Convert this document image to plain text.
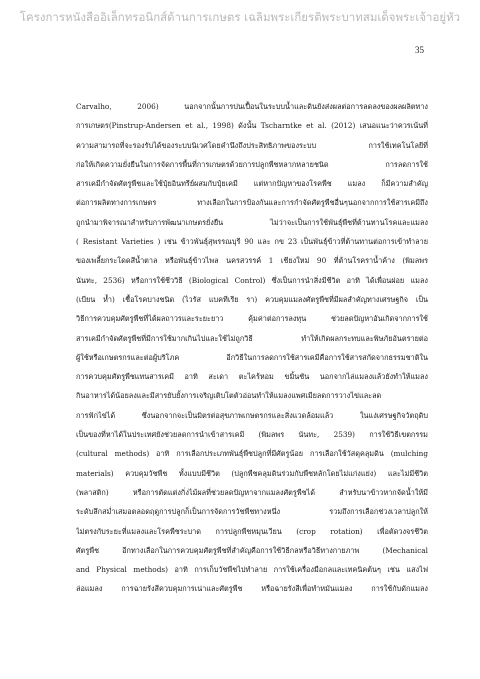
โครงการหนังสืออิเล็กทรอนิกส์ด้านการเกษตร เฉลิมพระเกียรติพระบาทสมเด็จพระเจ้าอยู่หัว
35
Carvalho, 2006) นอกจากนั้นการปนเปื้อนในระบบน้ำและดินยังส่งผลต่อการลดลงของผลผลิตทาง
การเกษตร(Pinstrup-Andersen et al., 1998) ดังนั้น Tscharntke et al. (2012) เสนอแนะว่าควรเน้นที่
ความสามารถที่จะรองรับได้ของระบบนิเวศโดยคำนึงถึงประสิทธิภาพของระบบ การใช้เทคโนโลยีที่
ก่อให้เกิดความยั่งยืนในการจัดการพื้นที่การเกษตรด้วยการปลูกพืชหลากหลายชนิด การลดการใช้
สารเคมีกำจัดศัตรูพืชและใช้ปุ๋ยอินทรีย์ผสมกับปุ๋ยเคมี แต่หากปัญหาของโรคพืช แมลง ก็มีความสำคัญ
ต่อการผลิตทางการเกษตร ทางเลือกในการป้องกันและการกำจัดศัตรูพืชอื่นๆนอกจากการใช้สารเคมีถึง
ถูกนำมาพิจารณาสำหรับการพัฒนาเกษตรยั่งยืน ไม่ว่าจะเป็นการใช้พันธุ์พืชที่ต้านทานโรคและแมลง
( Resistant Varieties ) เช่น ข้าวพันธุ์สุพรรณบุรี 90 และ กข 23 เป็นพันธุ์ข้าวที่ต้านทานต่อการเข้าทำลาย
ของเพลี้ยกระโดดสีน้ำตาล หรือพันธุ์ข้าวไพล นครสวรรค์ 1 เชียงใหม่ 90 ที่ต้านโรคราน้ำค้าง (พิมลพร
นันทะ, 2536) หรือการใช้ชีววิธี (Biological Control) ซึ่งเป็นการนำสิ่งมีชีวิต อาทิ ได้เพื่อนฝอย แมลง
(เบียน ห้ำ) เชื้อโรคบางชนิด (ไวรัส แบคทีเรีย รา) ควบคุมแมลงศัตรูพืชที่มีผลสำคัญทางเศรษฐกิจ เป็น
วิธีการควบคุมศัตรูพืชที่ได้ผลถาวรและระยะยาว คุ้มค่าต่อการลงทุน ช่วยลดปัญหาอันเกิดจากการใช้
สารเคมีกำจัดศัตรูพืชที่มีการใช้มากเกินไปและใช้ไม่ถูกวิธี ทำให้เกิดผลกระทบและพิษภัยอันตรายต่อ
ผู้ใช้หรือเกษตรกรและต่อผู้บริโภค อีกวิธีในการลดการใช้สารเคมีคือการใช้สารสกัดจากธรรมชาติใน
การควบคุมศัตรูพืชแทนสารเคมี อาทิ สะเดา ตะไคร้หอม ขมิ้นชัน นอกจากไล่แมลงแล้วยังทำให้แมลง
กินอาหารได้น้อยลงและมีสารยับยั้งการเจริญเติบโตตัวอ่อนทำให้แมลงแพศเมียลดการวางไข่และลด
การฟักไข่ได้ ซึ่งนอกจากจะเป็นมิตรต่อสุขภาพเกษตรกรและสิ่งแวดล้อมแล้ว ในแง่เศรษฐกิจวัตถุดิบ
เป็นของที่หาได้ในประเทศยังช่วยลดการนำเข้าสารเคมี (พิมลพร นันทะ, 2539) การใช้วิธีเขตกรรม
(cultural methods) อาทิ การเลือกประเภทพันธุ์พืชปลูกที่มีศัตรูน้อย การเลือกใช้วัสดุคลุมดิน (mulching
materials) ควบคุมวัชพืช ทั้งแบบมีชีวิต (ปลูกพืชคลุมดินร่วมกับพืชหลักโดยไม่แก่งแย่ง) และไม่มีชีวิต
(พลาสติก) หรือการตัดแต่งกิ่งไม้ผลที่ช่วยลดปัญหาจากแมลงศัตรูพืชได้ สำหรับนาข้าวหากจัดน้ำให้มี
ระดับลึกสม่ำเสมอตลอดฤดูการปลูกก็เป็นการจัดการวัชพืชทางหนึ่ง รวมถึงการเลือกช่วงเวลาปลูกให้
ไม่ตรงกับระยะที่แมลงและโรคพืชระบาด การปลูกพืชหมุนเวียน (crop rotation) เพื่อตัดวงจรชีวิต
ศัตรูพืช อีกทางเลือกในการควบคุมศัตรูพืชที่สำคัญคือการใช้วิธีกลหรือวิธีทางกายภาพ (Mechanical
and Physical methods) อาทิ การเก็บวัชพืชไปทำลาย การใช้เครื่องมือกลและเทคนิคต้นๆ เช่น แสงไฟ
ล่อแมลง การฉายรังสีควบคุมการเน่าและศัตรูพืช หรือฉายรังสีเพื่อทำหมันแมลง การใช้กับดักแมลง
